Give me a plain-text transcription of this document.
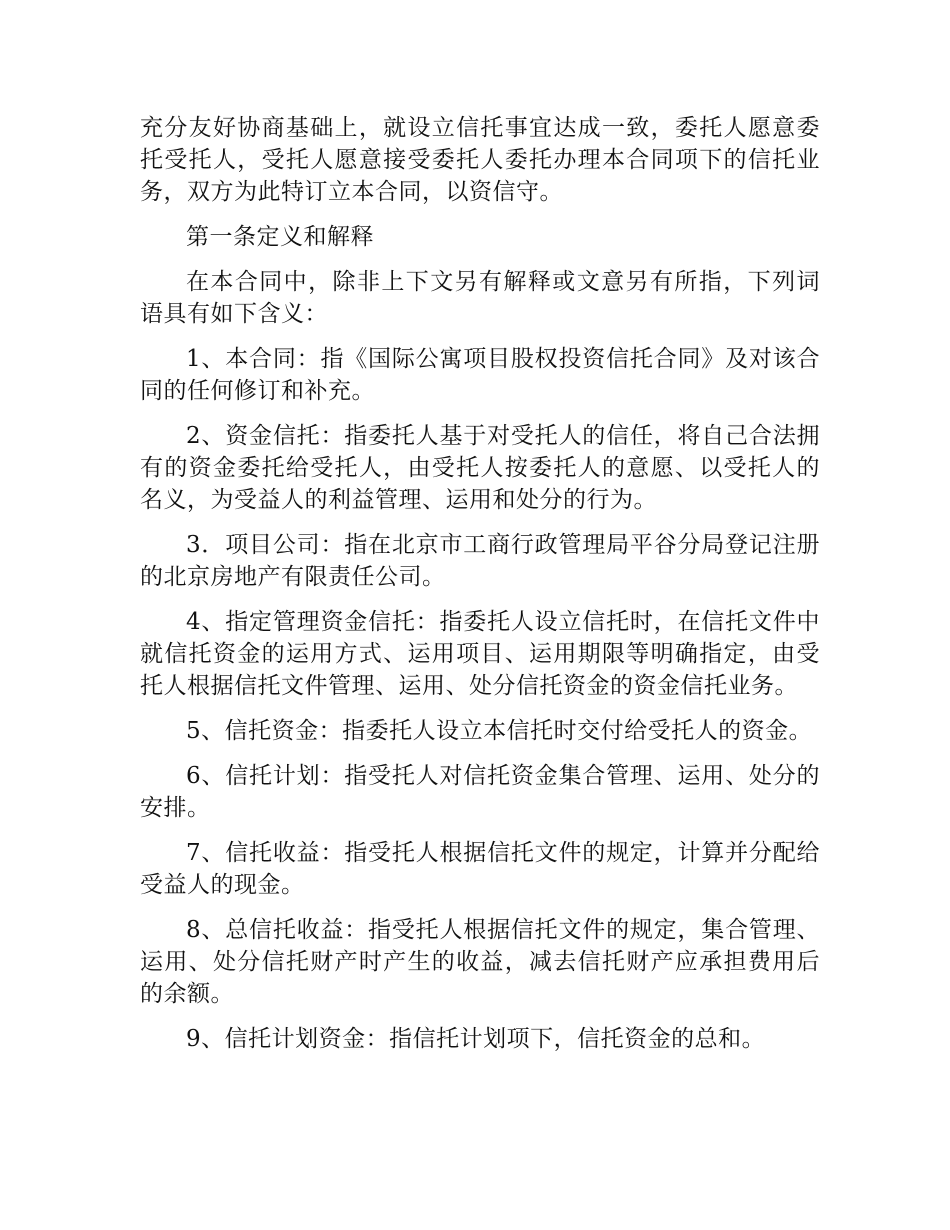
充分友好协商基础上，就设立信托事宜达成一致，委托人愿意委托受托人，受托人愿意接受委托人委托办理本合同项下的信托业务，双方为此特订立本合同，以资信守。

第一条定义和解释

在本合同中，除非上下文另有解释或文意另有所指，下列词语具有如下含义：

1、本合同：指《国际公寓项目股权投资信托合同》及对该合同的任何修订和补充。

2、资金信托：指委托人基于对受托人的信任，将自己合法拥有的资金委托给受托人，由受托人按委托人的意愿、以受托人的名义，为受益人的利益管理、运用和处分的行为。

3．项目公司：指在北京市工商行政管理局平谷分局登记注册的北京房地产有限责任公司。

4、指定管理资金信托：指委托人设立信托时，在信托文件中就信托资金的运用方式、运用项目、运用期限等明确指定，由受托人根据信托文件管理、运用、处分信托资金的资金信托业务。

5、信托资金：指委托人设立本信托时交付给受托人的资金。

6、信托计划：指受托人对信托资金集合管理、运用、处分的安排。

7、信托收益：指受托人根据信托文件的规定，计算并分配给受益人的现金。

8、总信托收益：指受托人根据信托文件的规定，集合管理、运用、处分信托财产时产生的收益，减去信托财产应承担费用后的余额。

9、信托计划资金：指信托计划项下，信托资金的总和。
